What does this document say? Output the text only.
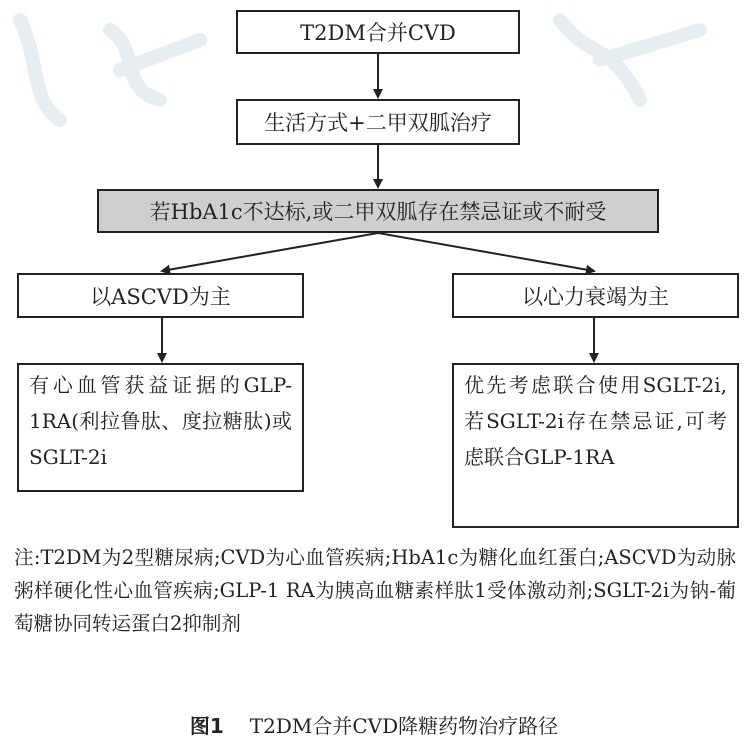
T2DM合并CVD
生活方式+二甲双胍治疗
若HbA1c不达标,或二甲双胍存在禁忌证或不耐受
以ASCVD为主	以心力衰竭为主
有心血管获益证据的GLP-1RA(利拉鲁肽、度拉糖肽)或SGLT-2i
优先考虑联合使用SGLT-2i,若SGLT-2i存在禁忌证,可考虑联合GLP-1RA
注:T2DM为2型糖尿病;CVD为心血管疾病;HbA1c为糖化血红蛋白;ASCVD为动脉粥样硬化性心血管疾病;GLP-1 RA为胰高血糖素样肽1受体激动剂;SGLT-2i为钠-葡萄糖协同转运蛋白2抑制剂
图1 T2DM合并CVD降糖药物治疗路径
